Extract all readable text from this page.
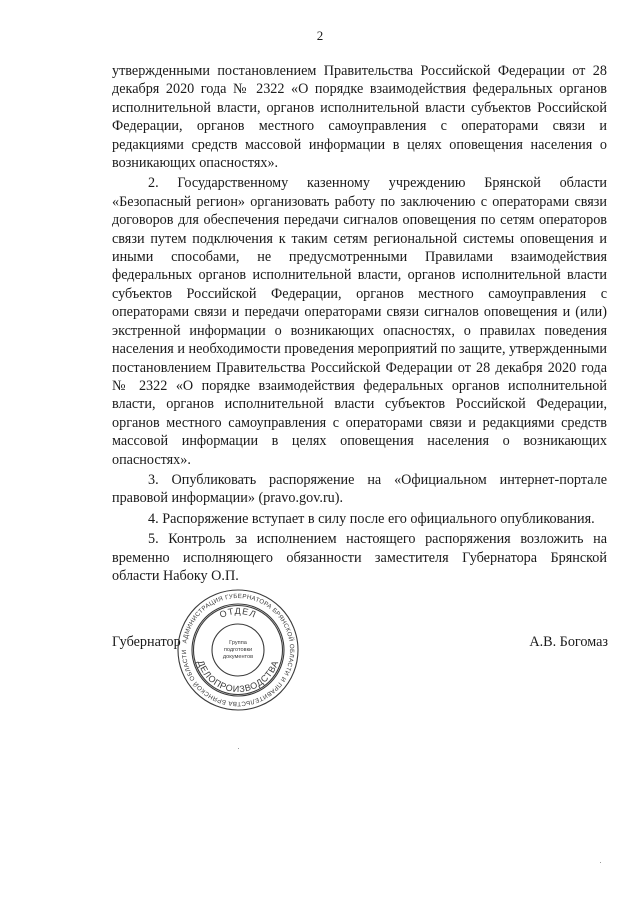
2

утвержденными постановлением Правительства Российской Федерации от 28 декабря 2020 года № 2322 «О порядке взаимодействия федеральных органов исполнительной власти, органов исполнительной власти субъектов Российской Федерации, органов местного самоуправления с операторами связи и редакциями средств массовой информации в целях оповещения населения о возникающих опасностях».

2. Государственному казенному учреждению Брянской области «Безопасный регион» организовать работу по заключению с операторами связи договоров для обеспечения передачи сигналов оповещения по сетям операторов связи путем подключения к таким сетям региональной системы оповещения и иными способами, не предусмотренными Правилами взаимодействия федеральных органов исполнительной власти, органов исполнительной власти субъектов Российской Федерации, органов местного самоуправления с операторами связи и передачи операторами связи сигналов оповещения и (или) экстренной информации о возникающих опасностях, о правилах поведения населения и необходимости проведения мероприятий по защите, утвержденными постановлением Правительства Российской Федерации от 28 декабря 2020 года № 2322 «О порядке взаимодействия федеральных органов исполнительной власти, органов исполнительной власти субъектов Российской Федерации, органов местного самоуправления с операторами связи и редакциями средств массовой информации в целях оповещения населения о возникающих опасностях».

3. Опубликовать распоряжение на «Официальном интернет-портале правовой информации» (pravo.gov.ru).

4. Распоряжение вступает в силу после его официального опубликования.

5. Контроль за исполнением настоящего распоряжения возложить на временно исполняющего обязанности заместителя Губернатора Брянской области Набоку О.П.

Губернатор	А.В. Богомаз
АДМИНИСТРАЦИЯ ГУБЕРНАТОРА БРЯНСКОЙ ОБЛАСТИ И ПРАВИТЕЛЬСТВА БРЯНСКОЙ ОБЛАСТИ
ОТДЕЛ
ДЕЛОПРОИЗВОДСТВА
Группа
подготовки
документов
